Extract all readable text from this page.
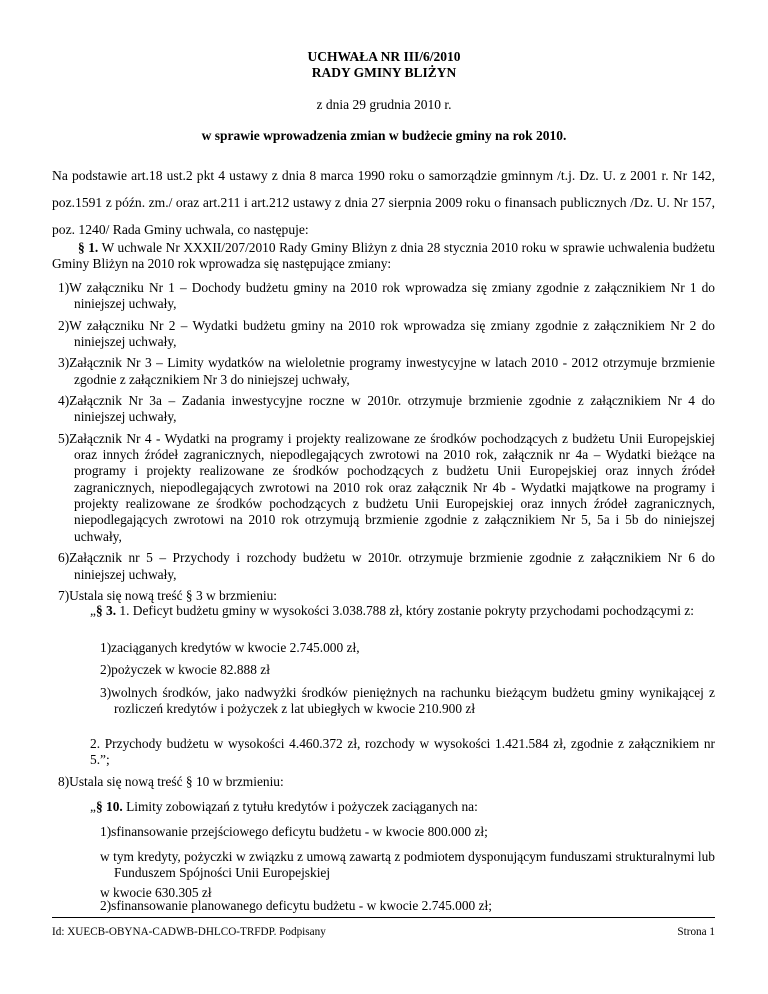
UCHWAŁA NR III/6/2010
RADY GMINY BLIŻYN
z dnia 29 grudnia 2010 r.
w sprawie wprowadzenia zmian w budżecie gminy na rok 2010.
Na podstawie art.18 ust.2 pkt 4 ustawy z dnia 8 marca 1990 roku o samorządzie gminnym /t.j. Dz. U. z 2001 r. Nr 142, poz.1591 z późn. zm./ oraz art.211 i art.212 ustawy z dnia 27 sierpnia 2009 roku o finansach publicznych /Dz. U. Nr 157, poz. 1240/ Rada Gminy uchwala, co następuje:
§ 1. W uchwale Nr XXXII/207/2010 Rady Gminy Bliżyn z dnia 28 stycznia 2010 roku w sprawie uchwalenia budżetu Gminy Bliżyn na 2010 rok wprowadza się następujące zmiany:

1)W załączniku Nr 1 – Dochody budżetu gminy na 2010 rok wprowadza się zmiany zgodnie z załącznikiem Nr 1 do niniejszej uchwały,

2)W załączniku Nr 2 – Wydatki budżetu gminy na 2010 rok wprowadza się zmiany zgodnie z załącznikiem Nr 2 do niniejszej uchwały,

3)Załącznik Nr 3 – Limity wydatków na wieloletnie programy inwestycyjne w latach 2010 - 2012 otrzymuje brzmienie zgodnie z załącznikiem Nr 3 do niniejszej uchwały,

4)Załącznik Nr 3a – Zadania inwestycyjne roczne w 2010r. otrzymuje brzmienie zgodnie z załącznikiem Nr 4 do niniejszej uchwały,

5)Załącznik Nr 4 - Wydatki na programy i projekty realizowane ze środków pochodzących z budżetu Unii Europejskiej oraz innych źródeł zagranicznych, niepodlegających zwrotowi na 2010 rok, załącznik nr 4a – Wydatki bieżące na programy i projekty realizowane ze środków pochodzących z budżetu Unii Europejskiej oraz innych źródeł zagranicznych, niepodlegających zwrotowi na 2010 rok oraz załącznik Nr 4b - Wydatki majątkowe na programy i projekty realizowane ze środków pochodzących z budżetu Unii Europejskiej oraz innych źródeł zagranicznych, niepodlegających zwrotowi na 2010 rok otrzymują brzmienie zgodnie z załącznikiem Nr 5, 5a i 5b do niniejszej uchwały,

6)Załącznik nr 5 – Przychody i rozchody budżetu w 2010r. otrzymuje brzmienie zgodnie z załącznikiem Nr 6 do niniejszej uchwały,

7)Ustala się nową treść § 3 w brzmieniu:

„§ 3. 1. Deficyt budżetu gminy w wysokości 3.038.788 zł, który zostanie pokryty przychodami pochodzącymi z:

1)zaciąganych kredytów w kwocie 2.745.000 zł,

2)pożyczek w kwocie 82.888 zł

3)wolnych środków, jako nadwyżki środków pieniężnych na rachunku bieżącym budżetu gminy wynikającej z rozliczeń kredytów i pożyczek z lat ubiegłych w kwocie 210.900 zł

2. Przychody budżetu w wysokości 4.460.372 zł, rozchody w wysokości 1.421.584 zł, zgodnie z załącznikiem nr 5.”;

8)Ustala się nową treść § 10 w brzmieniu:

„§ 10. Limity zobowiązań z tytułu kredytów i pożyczek zaciąganych na:

1)sfinansowanie przejściowego deficytu budżetu - w kwocie 800.000 zł;

w tym kredyty, pożyczki w związku z umową zawartą z podmiotem dysponującym funduszami strukturalnymi lub Funduszem Spójności Unii Europejskiej
w kwocie 630.305 zł
Id: XUECB-OBYNA-CADWB-DHLCO-TRFDP. Podpisany	Strona 1

2)sfinansowanie planowanego deficytu budżetu - w kwocie 2.745.000 zł;
